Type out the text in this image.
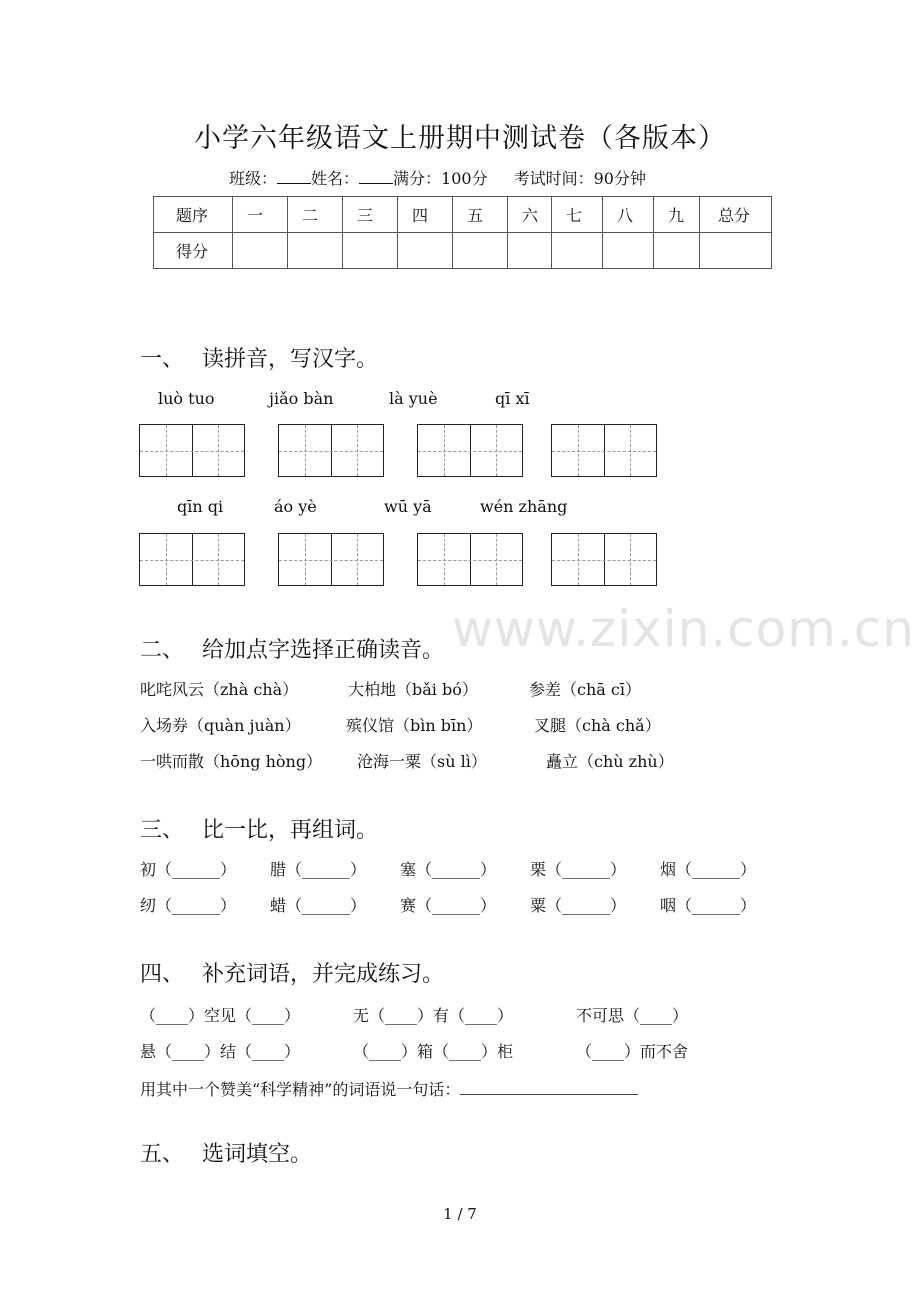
小学六年级语文上册期中测试卷（各版本）
班级： 姓名： 满分：100分 考试时间：90分钟
题序	一	二	三	四	五	六	七	八	九	总分
得分										
一、 读拼音，写汉字。
luò tuo	jiǎo bàn	là yuè	qī xī
qīn qi	áo yè	wū yā	wén zhāng
www.zixin.com.cn
二、 给加点字选择正确读音。
叱咤风云（zhà chà）	大柏地（bǎi bó）	参差（chā cī）
入场券（quàn juàn）	殡仪馆（bìn bīn）	叉腿（chà chǎ）
一哄而散（hōng hòng） 沧海一粟（sù lì）	矗立（chù zhù）
三、 比一比，再组词。
初（______） 腊（______） 塞（______） 栗（______） 烟（______）
纫（______） 蜡（______） 赛（______） 粟（______） 咽（______）
四、 补充词语，并完成练习。
（____）空见（____）	无（____）有（____）	不可思（____）
悬（____）结（____）	（____）箱（____）柜	（____）而不舍
用其中一个赞美“科学精神”的词语说一句话：
五、 选词填空。
1 / 7
